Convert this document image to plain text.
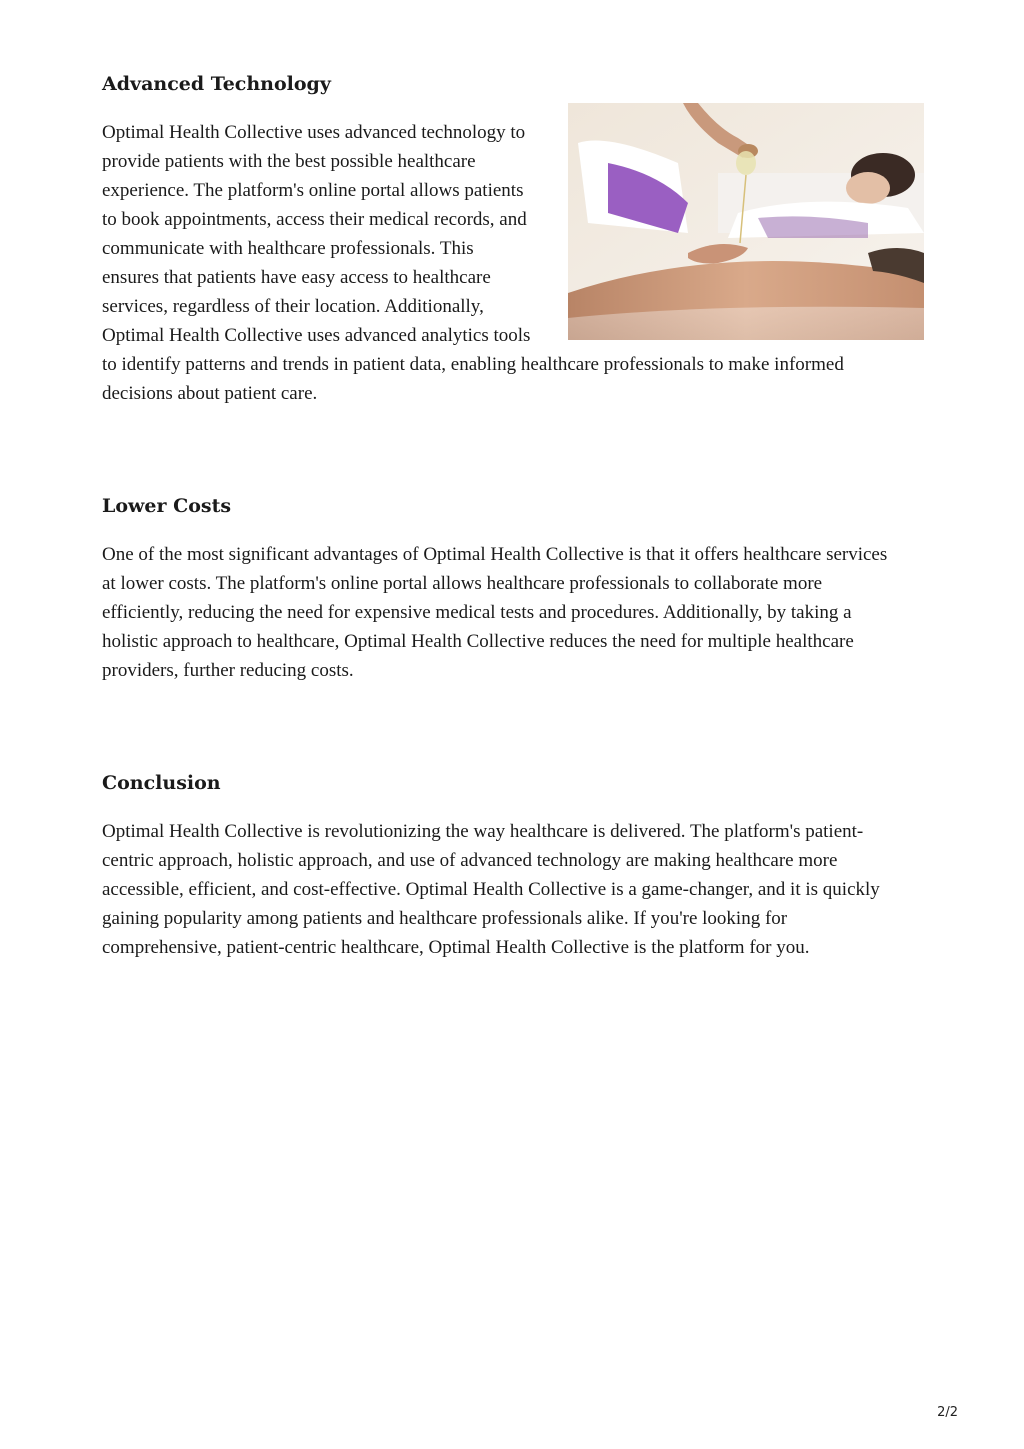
Advanced Technology

Optimal Health Collective uses advanced technology to provide patients with the best possible healthcare experience. The platform's online portal allows patients to book appointments, access their medical records, and communicate with healthcare professionals. This ensures that patients have easy access to healthcare services, regardless of their location. Additionally, Optimal Health Collective uses advanced analytics tools to identify patterns and trends in patient data, enabling healthcare professionals to make informed decisions about patient care.

Lower Costs

One of the most significant advantages of Optimal Health Collective is that it offers healthcare services at lower costs. The platform's online portal allows healthcare professionals to collaborate more efficiently, reducing the need for expensive medical tests and procedures. Additionally, by taking a holistic approach to healthcare, Optimal Health Collective reduces the need for multiple healthcare providers, further reducing costs.

Conclusion

Optimal Health Collective is revolutionizing the way healthcare is delivered. The platform's patient-centric approach, holistic approach, and use of advanced technology are making healthcare more accessible, efficient, and cost-effective. Optimal Health Collective is a game-changer, and it is quickly gaining popularity among patients and healthcare professionals alike. If you're looking for comprehensive, patient-centric healthcare, Optimal Health Collective is the platform for you.

2/2
